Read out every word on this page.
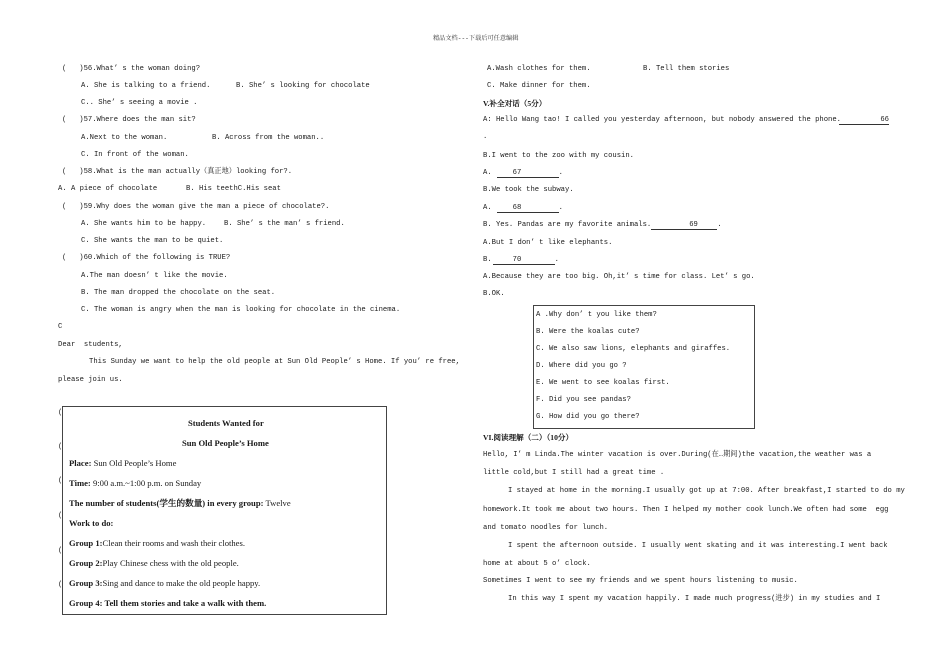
精品文档---下载后可任意编辑
(   )56.What’ s the woman doing?
A. She is talking to a friend.	B. She’ s looking for chocolate
C.. She’ s seeing a movie .
(   )57.Where does the man sit?
A.Next to the woman.	B. Across from the woman..
C. In front of the woman.
(   )58.What is the man actually（真正地）looking for?.
A. A piece of chocolate	B. His teethC.His seat
(   )59.Why does the woman give the man a piece of chocolate?.
A. She wants him to be happy. B. She’ s the man’ s friend.
C. She wants the man to be quiet.
(   )60.Which of the following is TRUE?
A.The man doesn’ t like the movie.
B. The man dropped the chocolate on the seat.
C. The woman is angry when the man is looking for chocolate in the cinema.
C
Dear  students,
This Sunday we want to help the old people at Sun Old People’ s Home. If you’ re free,
please join us.
(
(
(
(
(
(
Students Wanted for
Sun Old People’s Home
Place: Sun Old People’s Home
Time: 9:00 a.m.~1:00 p.m. on Sunday
The number of students(学生的数量) in every group: Twelve
Work to do:
Group 1:Clean their rooms and wash their clothes.
Group 2:Play Chinese chess with the old people.
Group 3:Sing and dance to make the old people happy.
Group 4: Tell them stories and take a walk with them.
A.Wash clothes for them.	B. Tell them stories
C. Make dinner for them.
V.补全对话（5分）
A: Hello Wang tao! I called you yesterday afternoon, but nobody answered the phone.	66
.
B.I went to the zoo with my cousin.
A.	67	.
B.We took the subway.
A.	68	.
B. Yes. Pandas are my favorite animals.	69	.
A.But I don’ t like elephants.
B.	70	.
A.Because they are too big. Oh,it’ s time for class. Let’ s go.
B.OK.
A .Why don’ t you like them?
B. Were the koalas cute?
C. We also saw lions, elephants and giraffes.
D. Where did you go ?
E. We went to see koalas first.
F. Did you see pandas?
G. How did you go there?
VI.阅读理解（二）（10分）
Hello, I’ m Linda.The winter vacation is over.During(在…期间)the vacation,the weather was a
little cold,but I still had a great time .
I stayed at home in the morning.I usually got up at 7:00. After breakfast,I started to do my
homework.It took me about two hours. Then I helped my mother cook lunch.We often had some  egg
and tomato noodles for lunch.
I spent the afternoon outside. I usually went skating and it was interesting.I went back
home at about 5 o’ clock.
Sometimes I went to see my friends and we spent hours listening to music.
In this way I spent my vacation happily. I made much progress(进步) in my studies and I
